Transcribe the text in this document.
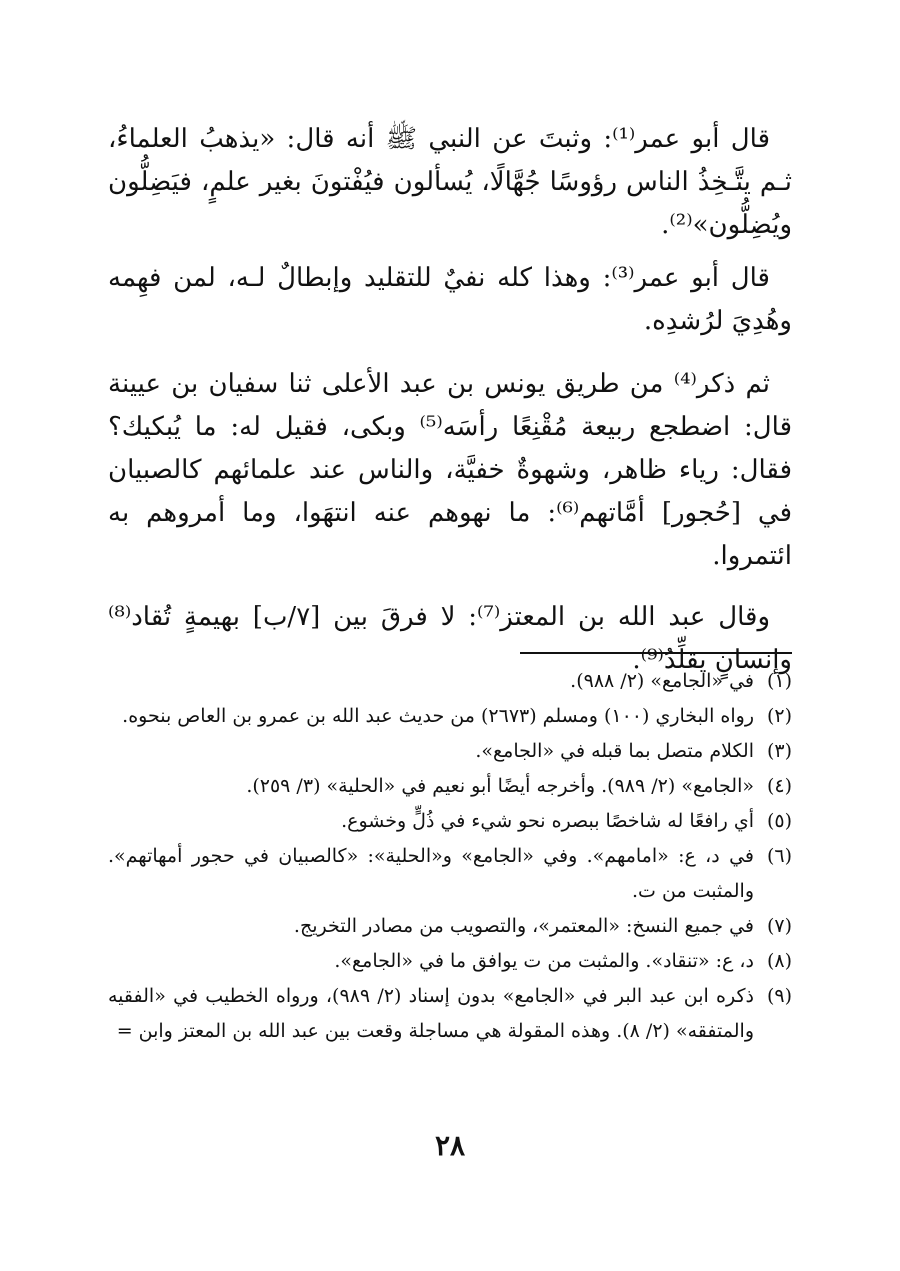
قال أبو عمر⁽¹⁾: وثبتَ عن النبي ﷺ أنه قال: «يذهبُ العلماءُ، ثـم يتَّـخِذُ الناس رؤوسًا جُهَّالًا، يُسألون فيُفْتونَ بغير علمٍ، فيَضِلُّون ويُضِلُّون»⁽²⁾.

قال أبو عمر⁽³⁾: وهذا كله نفيٌ للتقليد وإبطالٌ لـه، لمن فهِمه وهُدِيَ لرُشدِه.

ثم ذكر⁽⁴⁾ من طريق يونس بن عبد الأعلى ثنا سفيان بن عيينة قال: اضطجع ربيعة مُقْنِعًا رأسَه⁽⁵⁾ وبكى، فقيل له: ما يُبكيك؟ فقال: رياء ظاهر، وشهوةٌ خفيَّة، والناس عند علمائهم كالصبيان في [حُجور] أمَّاتهم⁽⁶⁾: ما نهوهم عنه انتهَوا، وما أمروهم به ائتمروا.

وقال عبد الله بن المعتز⁽⁷⁾: لا فرقَ بين [٧/ب] بهيمةٍ تُقاد⁽⁸⁾ وإنسانٍ يقلِّدُ⁽⁹⁾.

(١)
في «الجامع» (٢/ ٩٨٨).
(٢)
رواه البخاري (١٠٠) ومسلم (٢٦٧٣) من حديث عبد الله بن عمرو بن العاص بنحوه.
(٣)
الكلام متصل بما قبله في «الجامع».
(٤)
«الجامع» (٢/ ٩٨٩). وأخرجه أيضًا أبو نعيم في «الحلية» (٣/ ٢٥٩).
(٥)
أي رافعًا له شاخصًا ببصره نحو شيء في ذُلٍّ وخشوع.
(٦)
في د، ع: «امامهم». وفي «الجامع» و«الحلية»: «كالصبيان في حجور أمهاتهم». والمثبت من ت.
(٧)
في جميع النسخ: «المعتمر»، والتصويب من مصادر التخريج.
(٨)
د، ع: «تنقاد». والمثبت من ت يوافق ما في «الجامع».
(٩)
ذكره ابن عبد البر في «الجامع» بدون إسناد (٢/ ٩٨٩)، ورواه الخطيب في «الفقيه والمتفقه» (٢/ ٨). وهذه المقولة هي مساجلة وقعت بين عبد الله بن المعتز وابن =
٢٨
